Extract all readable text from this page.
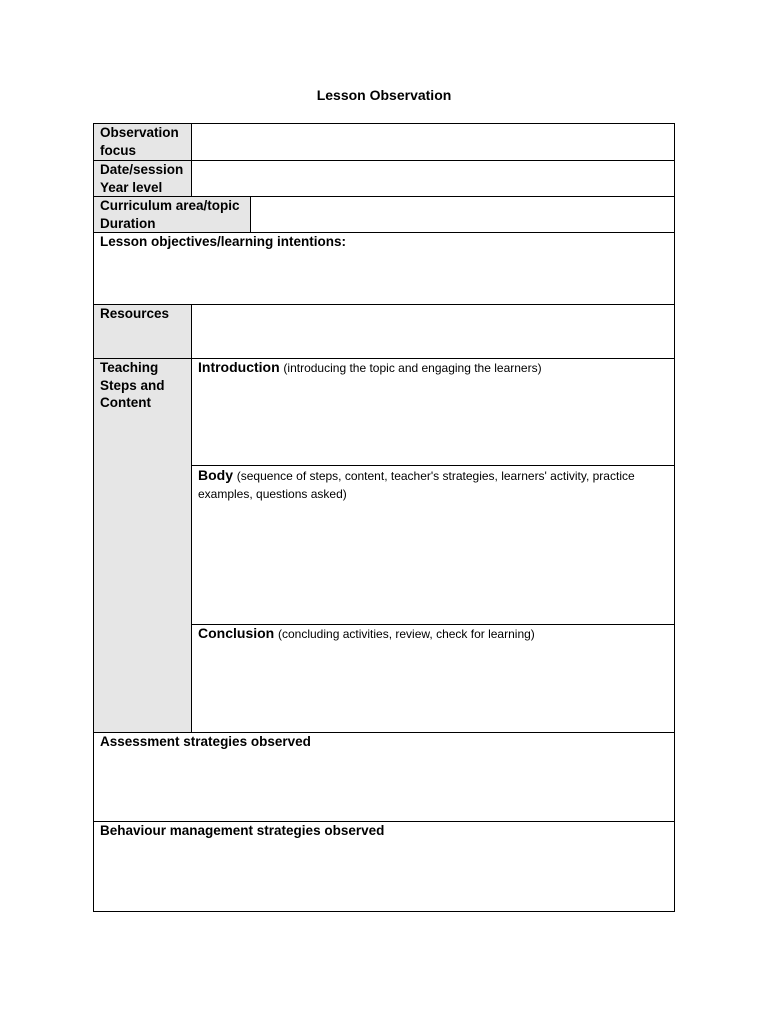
Lesson Observation
Observation focus
Date/session Year level
Curriculum area/topic Duration
Lesson objectives/learning intentions:
Resources
Teaching Steps and Content
Assessment strategies observed
Behaviour management strategies observed
Introduction (introducing the topic and engaging the learners)
Body (sequence of steps, content, teacher's strategies, learners' activity, practice examples, questions asked)
Conclusion (concluding activities, review, check for learning)
